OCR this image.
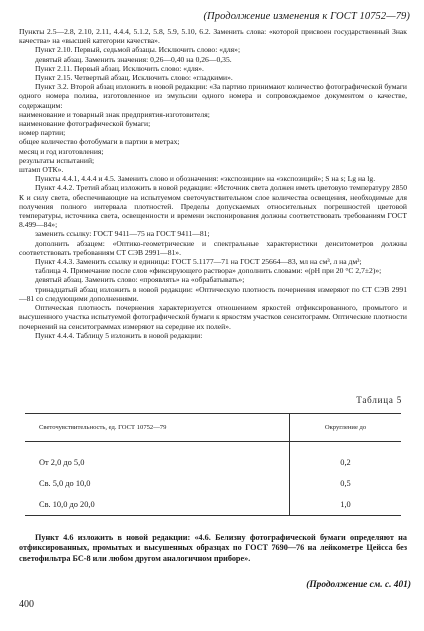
(Продолжение изменения к ГОСТ 10752—79)

Пункты 2.5—2.8, 2.10, 2.11, 4.4.4, 5.1.2, 5.8, 5.9, 5.10, 6.2. Заменить слова: «которой присвоен государственный Знак качества» на «высшей категории качества».

Пункт 2.10. Первый, седьмой абзацы. Исключить слово: «для»;

девятый абзац. Заменить значения: 0,26—0,40 на 0,26—0,35.

Пункт 2.11. Первый абзац. Исключить слово: «для».

Пункт 2.15. Четвертый абзац. Исключить слово: «гладкими».

Пункт 3.2. Второй абзац изложить в новой редакции: «За партию принимают количество фотографической бумаги одного номера полива, изготовленное из эмульсии одного номера и сопровождаемое документом о качестве, содержащим:

наименование и товарный знак предприятия-изготовителя;

наименование фотографической бумаги;

номер партии;

общее количество фотобумаги в партии в метрах;

месяц и год изготовления;

результаты испытаний;

штамп ОТК».

Пункты 4.4.1, 4.4.4 и 4.5. Заменить слово и обозначения: «экспозиции» на «экспозиций»; S на s; Lg на lg.

Пункт 4.4.2. Третий абзац изложить в новой редакции: «Источник света должен иметь цветовую температуру 2850 К и силу света, обеспечивающие на испытуемом светочувствительном слое количества освещения, необходимые для получения полного интервала плотностей. Пределы допускаемых относительных погрешностей цветовой температуры, источника света, освещенности и времени экспонирования должны соответствовать требованиям ГОСТ 8.499—84»;

заменить ссылку: ГОСТ 9411—75 на ГОСТ 9411—81;

дополнить абзацем: «Оптико-геометрические и спектральные характеристики денситометров должны соответствовать требованиям СТ СЭВ 2991—81».

Пункт 4.4.3. Заменить ссылку и единицы: ГОСТ 5.1177—71 на ГОСТ 25664—83, мл на см³, л на дм³;

таблица 4. Примечание после слов «фиксирующего раствора» дополнить словами: «(рН при 20 °С 2,7±2)»;

девятый абзац. Заменить слово: «проявлять» на «обрабатывать»;

тринадцатый абзац изложить в новой редакции: «Оптическую плотность почернения измеряют по СТ СЭВ 2991—81 со следующими дополнениями.

Оптическая плотность почернения характеризуется отношением яркостей отфиксированного, промытого и высушенного участка испытуемой фотографической бумаги к яркостям участков сенситограмм. Оптические плотности почернений на сенситограммах измеряют на середине их полей».

Пункт 4.4.4. Таблицу 5 изложить в новой редакции:

Таблица 5
Светочувствительность, ед. ГОСТ 10752—79	Округление до
От 2,0 до 5,0	0,2
Св. 5,0 до 10,0	0,5
Св. 10,0 до 20,0	1,0

Пункт 4.6 изложить в новой редакции: «4.6. Белизну фотографической бумаги определяют на отфиксированных, промытых и высушенных образцах по ГОСТ 7690—76 на лейкометре Цейсса без светофильтра БС-8 или любом другом аналогичном приборе».

(Продолжение см. с. 401)
400
